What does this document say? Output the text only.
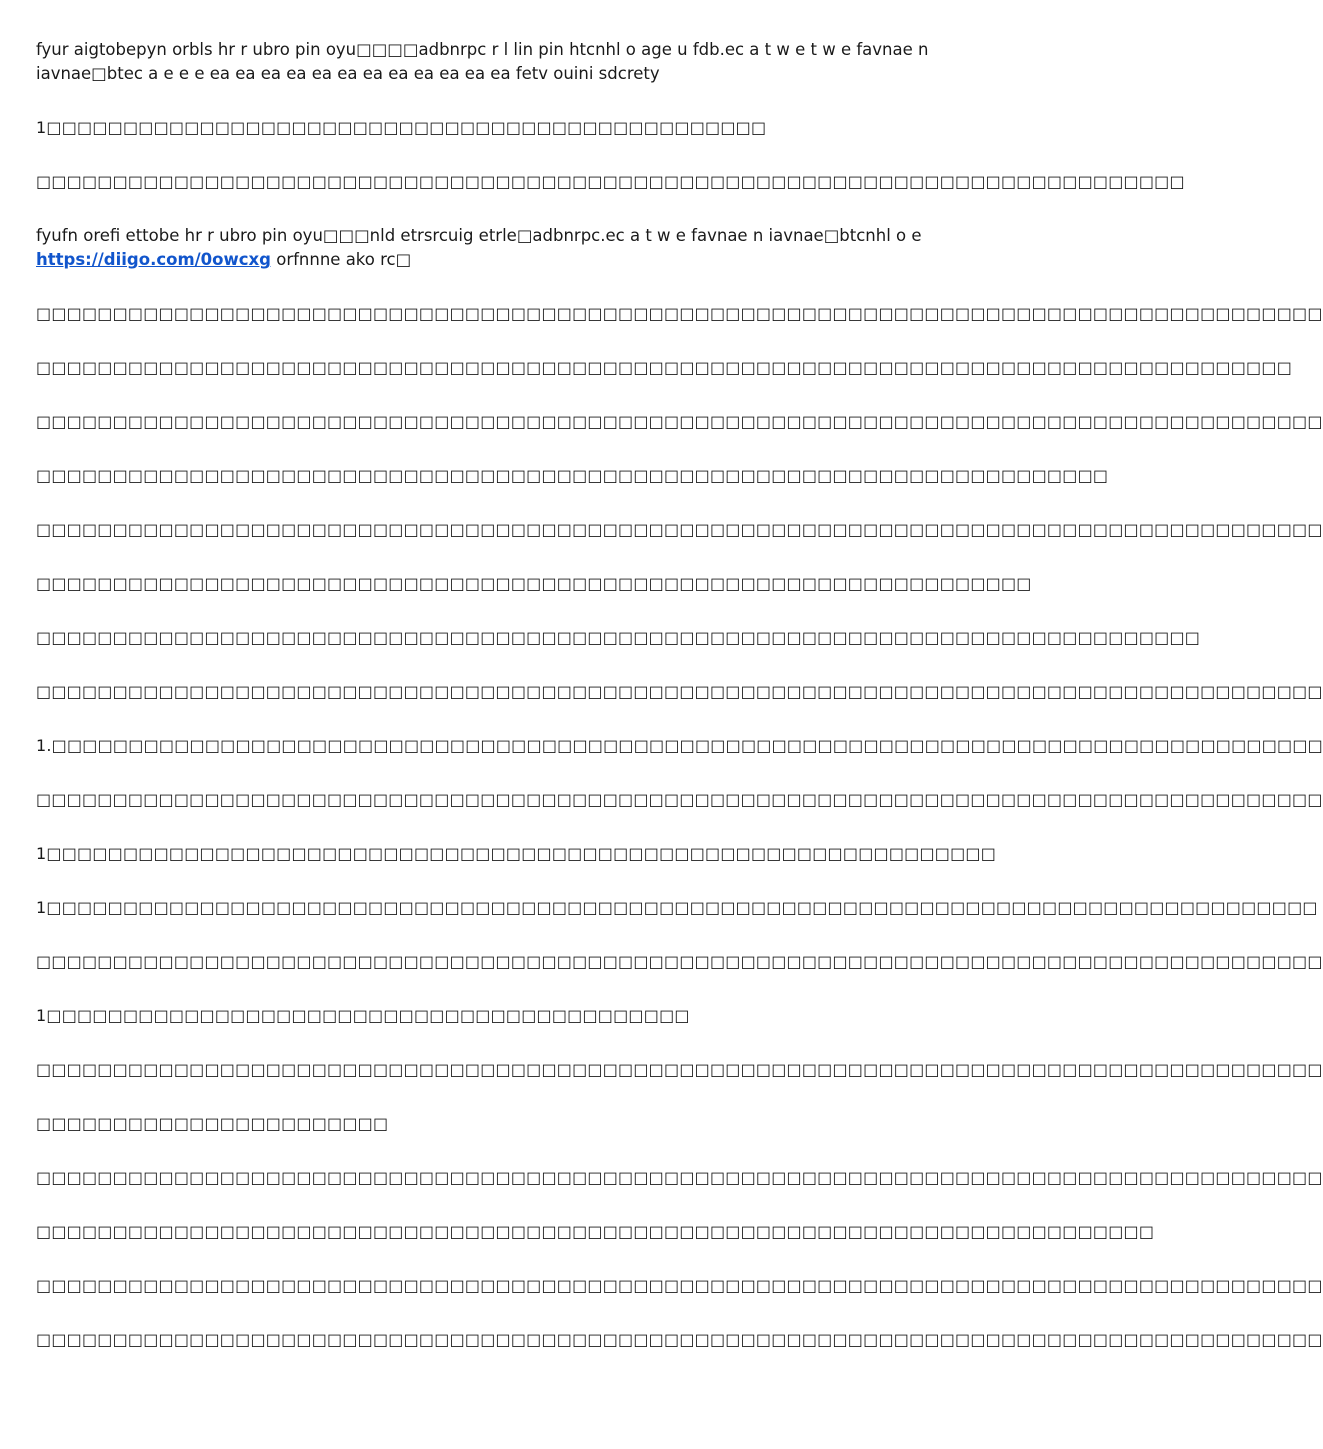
fyur aigtobepyn orbls hr r ubro pin oyu□□□□adbnrpc r l lin pin htcnhl o age u fdb.ec a t w e t w e favnae n iavnae□btec a e e e ea ea ea ea ea ea ea ea ea ea ea ea fetv ouini sdcrety

1□□□□□□□□□□□□□□□□□□□□□□□□□□□□□□□□□□□□□□□□□□□□□□□

□□□□□□□□□□□□□□□□□□□□□□□□□□□□□□□□□□□□□□□□□□□□□□□□□□□□□□□□□□□□□□□□□□□□□□□□□□□

fyufn orefi ettobe hr r ubro pin oyu□□□nld etrsrcuig etrle□adbnrpc.ec a t w e favnae n iavnae□btcnhl o e
https://diigo.com/0owcxg orfnnne ako rc□

□□□□□□□□□□□□□□□□□□□□□□□□□□□□□□□□□□□□□□□□□□□□□□□□□□□□□□□□□□□□□□□□□□□□□□□□□□□□□□□□□□□□

□□□□□□□□□□□□□□□□□□□□□□□□□□□□□□□□□□□□□□□□□□□□□□□□□□□□□□□□□□□□□□□□□□□□□□□□□□□□□□□□□□

□□□□□□□□□□□□□□□□□□□□□□□□□□□□□□□□□□□□□□□□□□□□□□□□□□□□□□□□□□□□□□□□□□□□□□□□□□□□□□□□□□□□

□□□□□□□□□□□□□□□□□□□□□□□□□□□□□□□□□□□□□□□□□□□□□□□□□□□□□□□□□□□□□□□□□□□□□□

□□□□□□□□□□□□□□□□□□□□□□□□□□□□□□□□□□□□□□□□□□□□□□□□□□□□□□□□□□□□□□□□□□□□□□□□□□□□□□□□□□□□

□□□□□□□□□□□□□□□□□□□□□□□□□□□□□□□□□□□□□□□□□□□□□□□□□□□□□□□□□□□□□□□□□

□□□□□□□□□□□□□□□□□□□□□□□□□□□□□□□□□□□□□□□□□□□□□□□□□□□□□□□□□□□□□□□□□□□□□□□□□□□□

□□□□□□□□□□□□□□□□□□□□□□□□□□□□□□□□□□□□□□□□□□□□□□□□□□□□□□□□□□□□□□□□□□□□□□□□□□□□□□□□□□□□

1.□□□□□□□□□□□□□□□□□□□□□□□□□□□□□□□□□□□□□□□□□□□□□□□□□□□□□□□□□□□□□□□□□□□□□□□□□□□□□□□□□□□

□□□□□□□□□□□□□□□□□□□□□□□□□□□□□□□□□□□□□□□□□□□□□□□□□□□□□□□□□□□□□□□□□□□□□□□□□□□□□□□□□□□□

1□□□□□□□□□□□□□□□□□□□□□□□□□□□□□□□□□□□□□□□□□□□□□□□□□□□□□□□□□□□□□□

1□□□□□□□□□□□□□□□□□□□□□□□□□□□□□□□□□□□□□□□□□□□□□□□□□□□□□□□□□□□□□□□□□□□□□□□□□□□□□□□□□□□

□□□□□□□□□□□□□□□□□□□□□□□□□□□□□□□□□□□□□□□□□□□□□□□□□□□□□□□□□□□□□□□□□□□□□□□□□□□□□□□□□□□□

1□□□□□□□□□□□□□□□□□□□□□□□□□□□□□□□□□□□□□□□□□□

□□□□□□□□□□□□□□□□□□□□□□□□□□□□□□□□□□□□□□□□□□□□□□□□□□□□□□□□□□□□□□□□□□□□□□□□□□□□□□□□□□□□

□□□□□□□□□□□□□□□□□□□□□□□

□□□□□□□□□□□□□□□□□□□□□□□□□□□□□□□□□□□□□□□□□□□□□□□□□□□□□□□□□□□□□□□□□□□□□□□□□□□□□□□□□□□□

□□□□□□□□□□□□□□□□□□□□□□□□□□□□□□□□□□□□□□□□□□□□□□□□□□□□□□□□□□□□□□□□□□□□□□□□□

□□□□□□□□□□□□□□□□□□□□□□□□□□□□□□□□□□□□□□□□□□□□□□□□□□□□□□□□□□□□□□□□□□□□□□□□□□□□□□□□□□□□

□□□□□□□□□□□□□□□□□□□□□□□□□□□□□□□□□□□□□□□□□□□□□□□□□□□□□□□□□□□□□□□□□□□□□□□□□□□□□□□□□□□□
